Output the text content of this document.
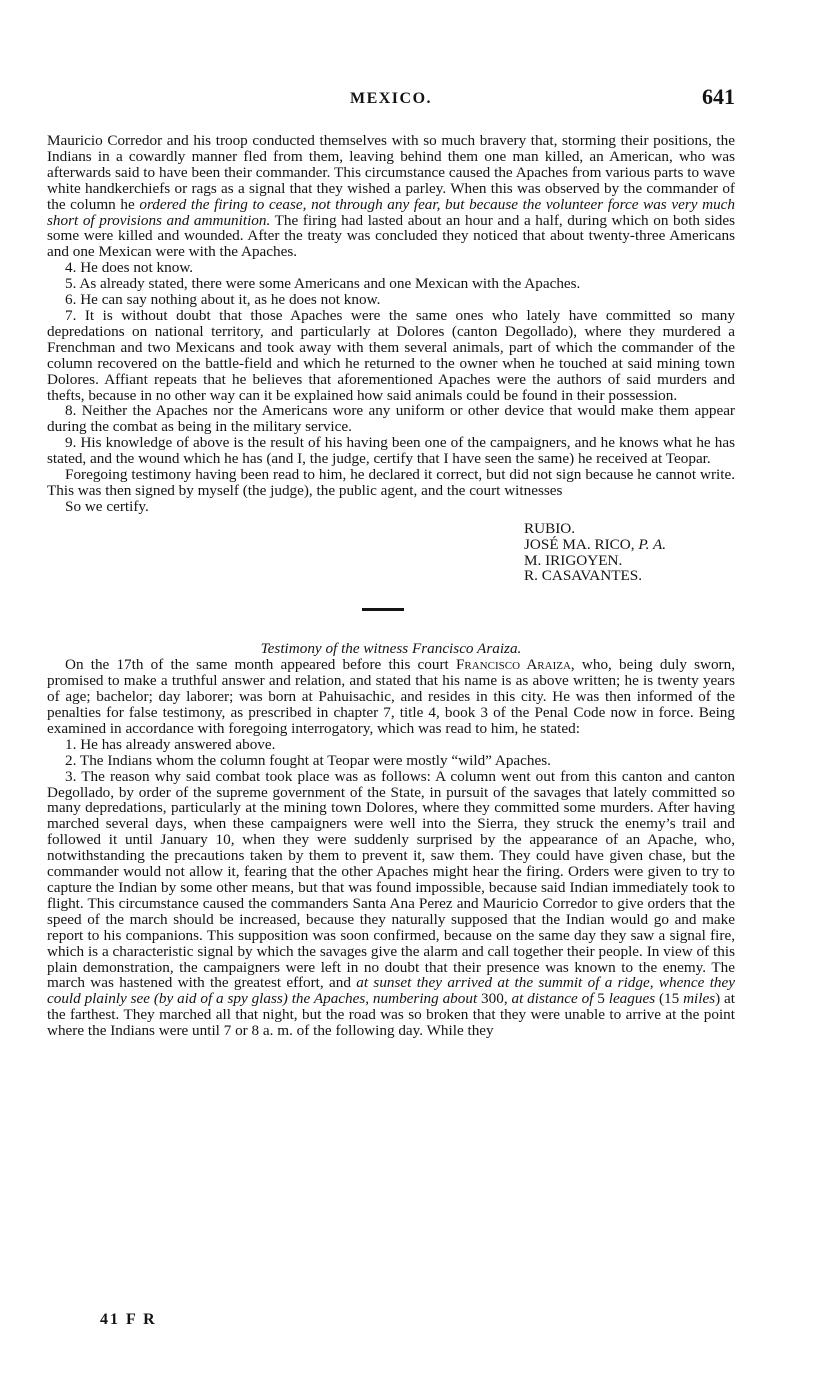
MEXICO.	641

Mauricio Corredor and his troop conducted themselves with so much bravery that, storming their positions, the Indians in a cowardly manner fled from them, leaving behind them one man killed, an American, who was afterwards said to have been their commander. This circumstance caused the Apaches from various parts to wave white handkerchiefs or rags as a signal that they wished a parley. When this was observed by the commander of the column he ordered the firing to cease, not through any fear, but because the volunteer force was very much short of provisions and ammunition. The firing had lasted about an hour and a half, during which on both sides some were killed and wounded. After the treaty was concluded they noticed that about twenty-three Americans and one Mexican were with the Apaches.

4. He does not know.

5. As already stated, there were some Americans and one Mexican with the Apaches.

6. He can say nothing about it, as he does not know.

7. It is without doubt that those Apaches were the same ones who lately have committed so many depredations on national territory, and particularly at Dolores (canton Degollado), where they murdered a Frenchman and two Mexicans and took away with them several animals, part of which the commander of the column recovered on the battle-field and which he returned to the owner when he touched at said mining town Dolores. Affiant repeats that he believes that aforementioned Apaches were the authors of said murders and thefts, because in no other way can it be explained how said animals could be found in their possession.

8. Neither the Apaches nor the Americans wore any uniform or other device that would make them appear during the combat as being in the military service.

9. His knowledge of above is the result of his having been one of the campaigners, and he knows what he has stated, and the wound which he has (and I, the judge, certify that I have seen the same) he received at Teopar.

Foregoing testimony having been read to him, he declared it correct, but did not sign because he cannot write. This was then signed by myself (the judge), the public agent, and the court witnesses

So we certify.

RUBIO.
JOSÉ MA. RICO, P. A.
M. IRIGOYEN.
R. CASAVANTES.
Testimony of the witness Francisco Araiza.

On the 17th of the same month appeared before this court Francisco Araiza, who, being duly sworn, promised to make a truthful answer and relation, and stated that his name is as above written; he is twenty years of age; bachelor; day laborer; was born at Pahuisachic, and resides in this city. He was then informed of the penalties for false testimony, as prescribed in chapter 7, title 4, book 3 of the Penal Code now in force. Being examined in accordance with foregoing interrogatory, which was read to him, he stated:

1. He has already answered above.

2. The Indians whom the column fought at Teopar were mostly “wild” Apaches.

3. The reason why said combat took place was as follows: A column went out from this canton and canton Degollado, by order of the supreme government of the State, in pursuit of the savages that lately committed so many depredations, particularly at the mining town Dolores, where they committed some murders. After having marched several days, when these campaigners were well into the Sierra, they struck the enemy’s trail and followed it until January 10, when they were suddenly surprised by the appearance of an Apache, who, notwithstanding the precautions taken by them to prevent it, saw them. They could have given chase, but the commander would not allow it, fearing that the other Apaches might hear the firing. Orders were given to try to capture the Indian by some other means, but that was found impossible, because said Indian immediately took to flight. This circumstance caused the commanders Santa Ana Perez and Mauricio Corredor to give orders that the speed of the march should be increased, because they naturally supposed that the Indian would go and make report to his companions. This supposition was soon confirmed, because on the same day they saw a signal fire, which is a characteristic signal by which the savages give the alarm and call together their people. In view of this plain demonstration, the campaigners were left in no doubt that their presence was known to the enemy. The march was hastened with the greatest effort, and at sunset they arrived at the summit of a ridge, whence they could plainly see (by aid of a spy glass) the Apaches, numbering about 300, at distance of 5 leagues (15 miles) at the farthest. They marched all that night, but the road was so broken that they were unable to arrive at the point where the Indians were until 7 or 8 a. m. of the following day. While they

41 F R
